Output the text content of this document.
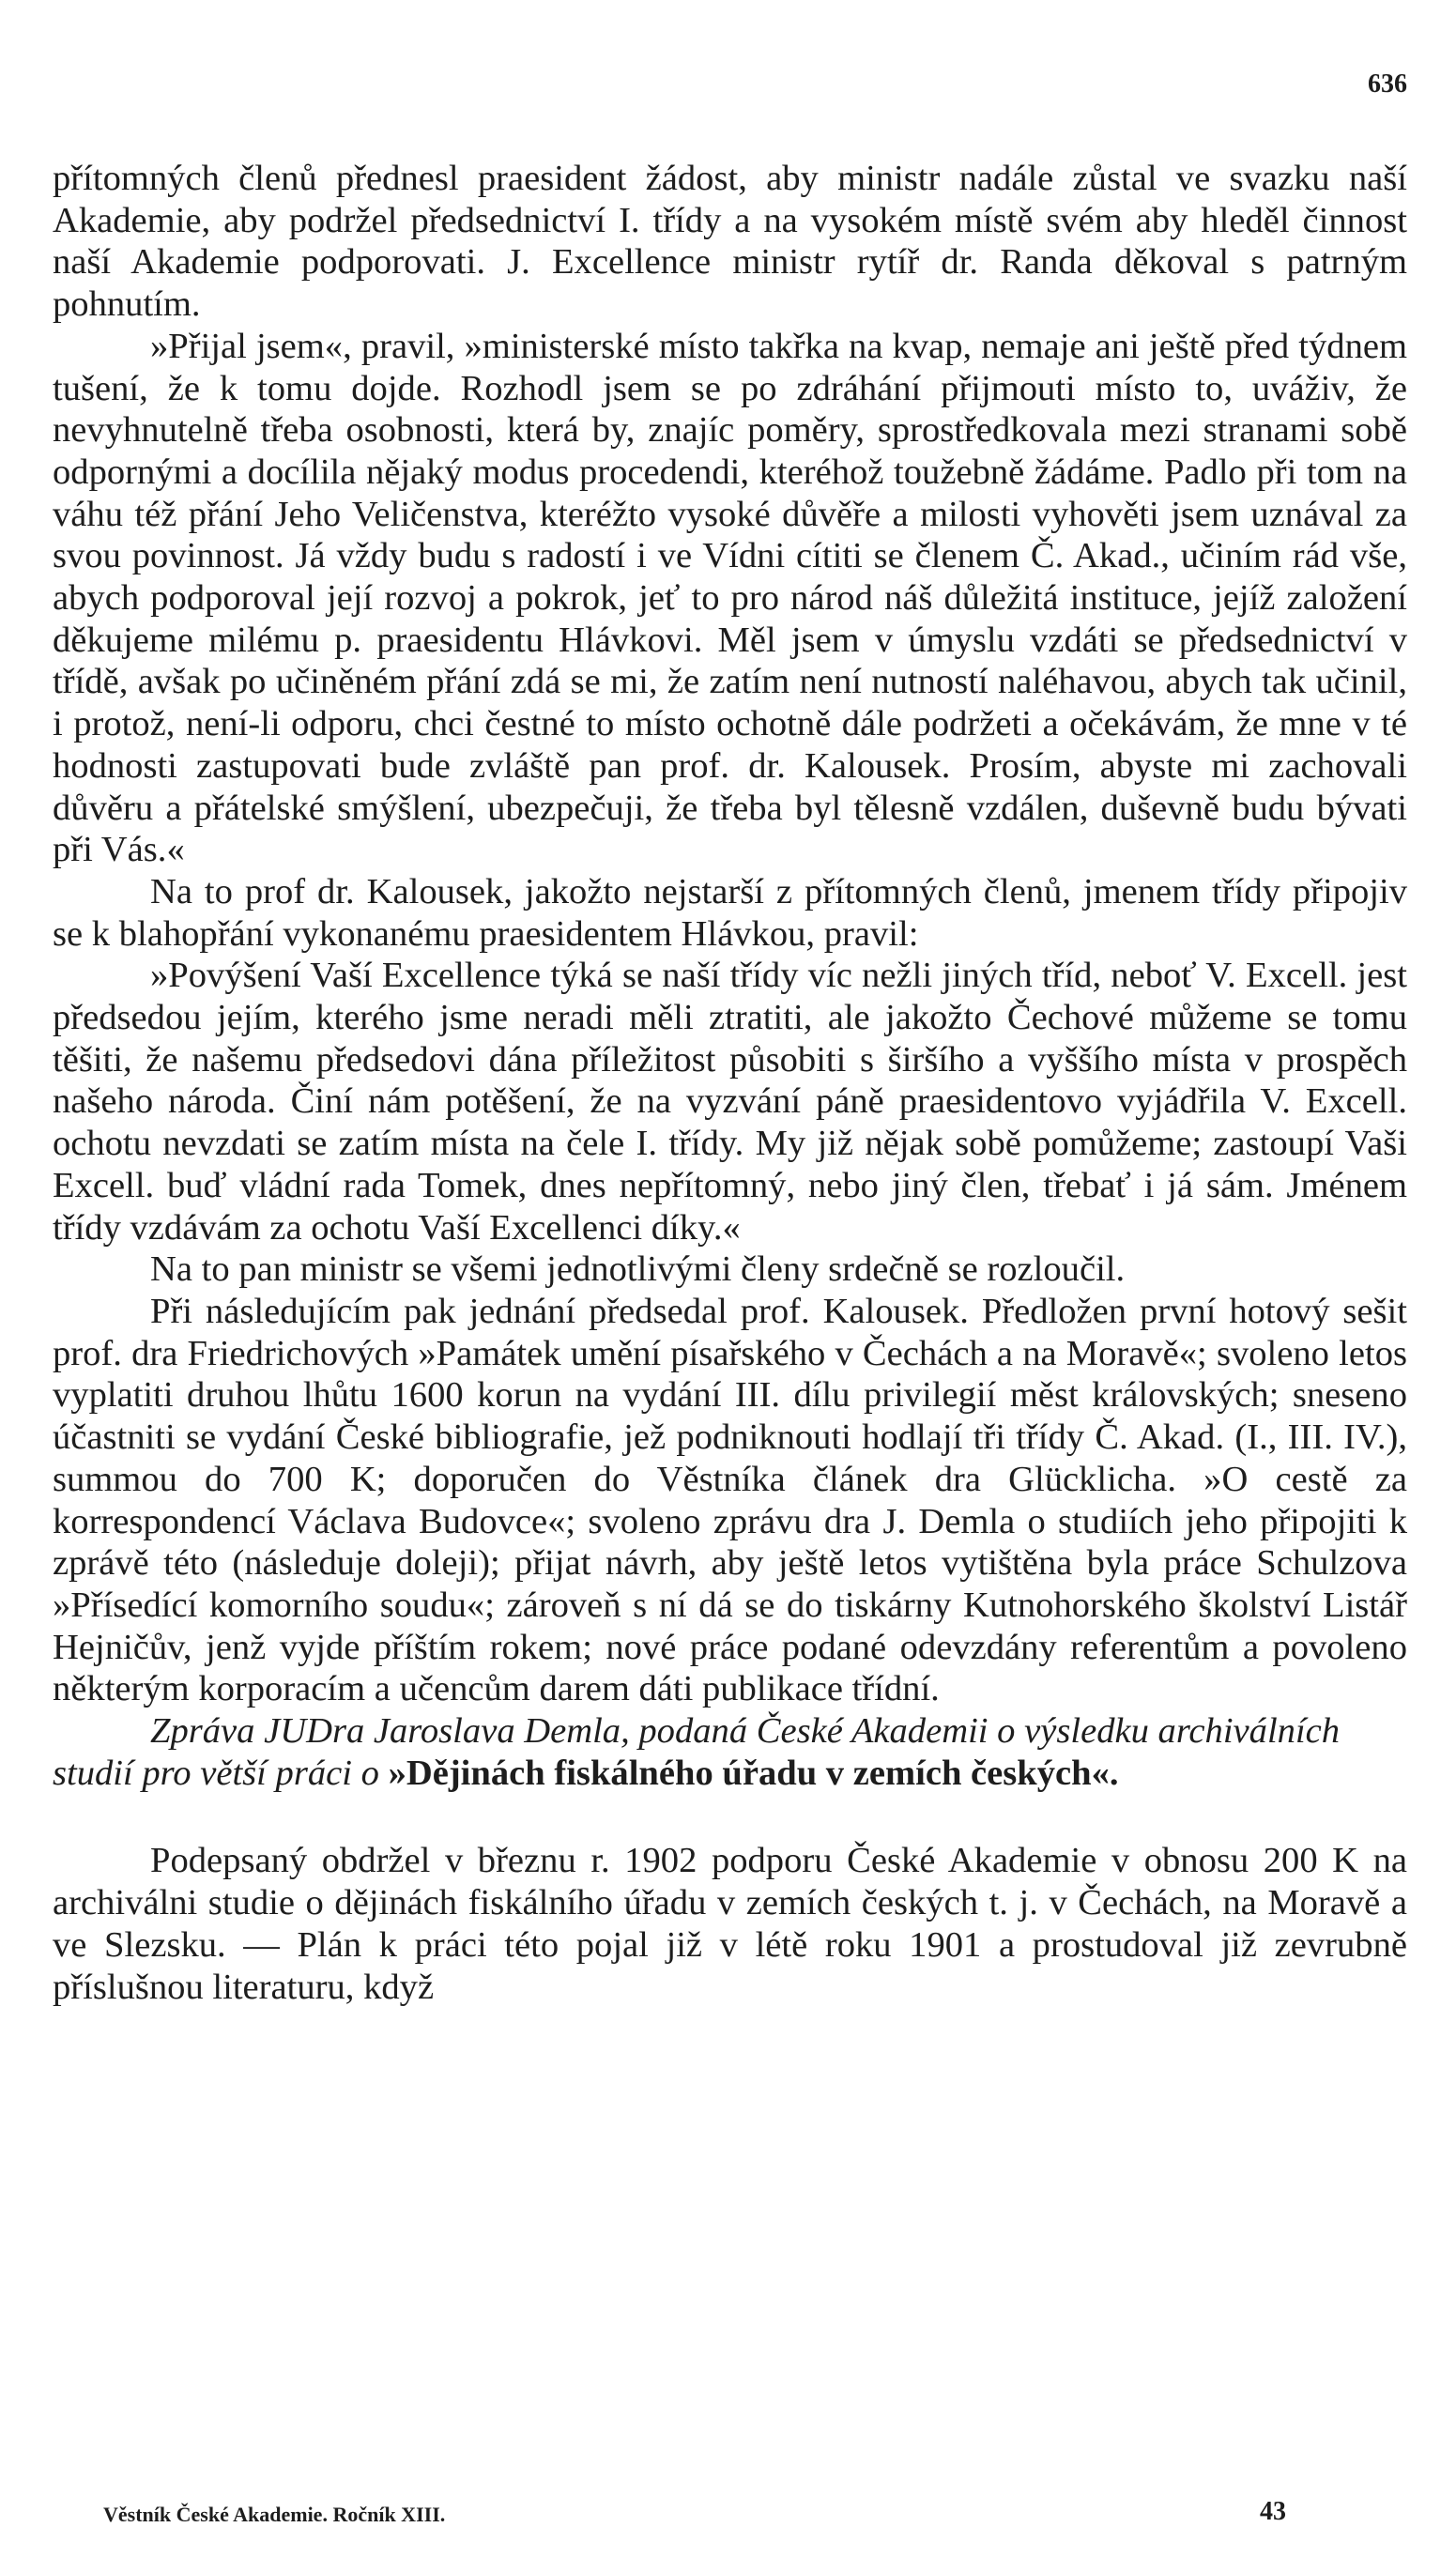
636

přítomných členů přednesl praesident žádost, aby ministr nadále zůstal ve svazku naší Akademie, aby podržel předsednictví I. třídy a na vysokém místě svém aby hleděl činnost naší Akademie podporovati. J. Excellence ministr rytíř dr. Randa děkoval s patrným pohnutím.

»Přijal jsem«, pravil, »ministerské místo takřka na kvap, nemaje ani ještě před týdnem tušení, že k tomu dojde. Rozhodl jsem se po zdráhání přijmouti místo to, uváživ, že nevyhnutelně třeba osobnosti, která by, znajíc poměry, sprostředkovala mezi stranami sobě odpornými a docílila nějaký modus procedendi, kteréhož toužebně žádáme. Padlo při tom na váhu též přání Jeho Veličenstva, kteréžto vysoké důvěře a milosti vyhověti jsem uznával za svou povinnost. Já vždy budu s radostí i ve Vídni cítiti se členem Č. Akad., učiním rád vše, abych podporoval její rozvoj a pokrok, jeť to pro národ náš důležitá instituce, jejíž založení děkujeme milému p. praesidentu Hlávkovi. Měl jsem v úmyslu vzdáti se předsednictví v třídě, avšak po učiněném přání zdá se mi, že zatím není nutností naléhavou, abych tak učinil, i protož, není-li odporu, chci čestné to místo ochotně dále podržeti a očekávám, že mne v té hodnosti zastupovati bude zvláště pan prof. dr. Kalousek. Prosím, abyste mi zachovali důvěru a přátelské smýšlení, ubezpečuji, že třeba byl tělesně vzdálen, duševně budu bývati při Vás.«

Na to prof dr. Kalousek, jakožto nejstarší z přítomných členů, jmenem třídy připojiv se k blahopřání vykonanému praesidentem Hlávkou, pravil:

»Povýšení Vaší Excellence týká se naší třídy víc nežli jiných tříd, neboť V. Excell. jest předsedou jejím, kterého jsme neradi měli ztratiti, ale jakožto Čechové můžeme se tomu těšiti, že našemu předsedovi dána příležitost působiti s širšího a vyššího místa v prospěch našeho národa. Činí nám potěšení, že na vyzvání páně praesidentovo vyjádřila V. Excell. ochotu nevzdati se zatím místa na čele I. třídy. My již nějak sobě pomůžeme; zastoupí Vaši Excell. buď vládní rada Tomek, dnes nepřítomný, nebo jiný člen, třebať i já sám. Jménem třídy vzdávám za ochotu Vaší Excellenci díky.«

Na to pan ministr se všemi jednotlivými členy srdečně se rozloučil.

Při následujícím pak jednání předsedal prof. Kalousek. Předložen první hotový sešit prof. dra Friedrichových »Památek umění písařského v Čechách a na Moravě«; svoleno letos vyplatiti druhou lhůtu 1600 korun na vydání III. dílu privilegií měst královských; sneseno účastniti se vydání České bibliografie, jež podniknouti hodlají tři třídy Č. Akad. (I., III. IV.), summou do 700 K; doporučen do Věstníka článek dra Glücklicha. »O cestě za korrespondencí Václava Budovce«; svoleno zprávu dra J. Demla o studiích jeho připojiti k zprávě této (následuje doleji); přijat návrh, aby ještě letos vytištěna byla práce Schulzova »Přísedící komorního soudu«; zároveň s ní dá se do tiskárny Kutnohorského školství Listář Hejničův, jenž vyjde příštím rokem; nové práce podané odevzdány referentům a povoleno některým korporacím a učencům darem dáti publikace třídní.

Zpráva JUDra Jaroslava Demla, podaná České Akademii o výsledku archiválních studií pro větší práci o »Dějinách fiskálného úřadu v zemích českých«.

Podepsaný obdržel v březnu r. 1902 podporu České Akademie v obnosu 200 K na archiválni studie o dějinách fiskálního úřadu v zemích českých t. j. v Čechách, na Moravě a ve Slezsku. — Plán k práci této pojal již v létě roku 1901 a prostudoval již zevrubně příslušnou literaturu, když

Věstník České Akademie. Ročník XIII.	43
